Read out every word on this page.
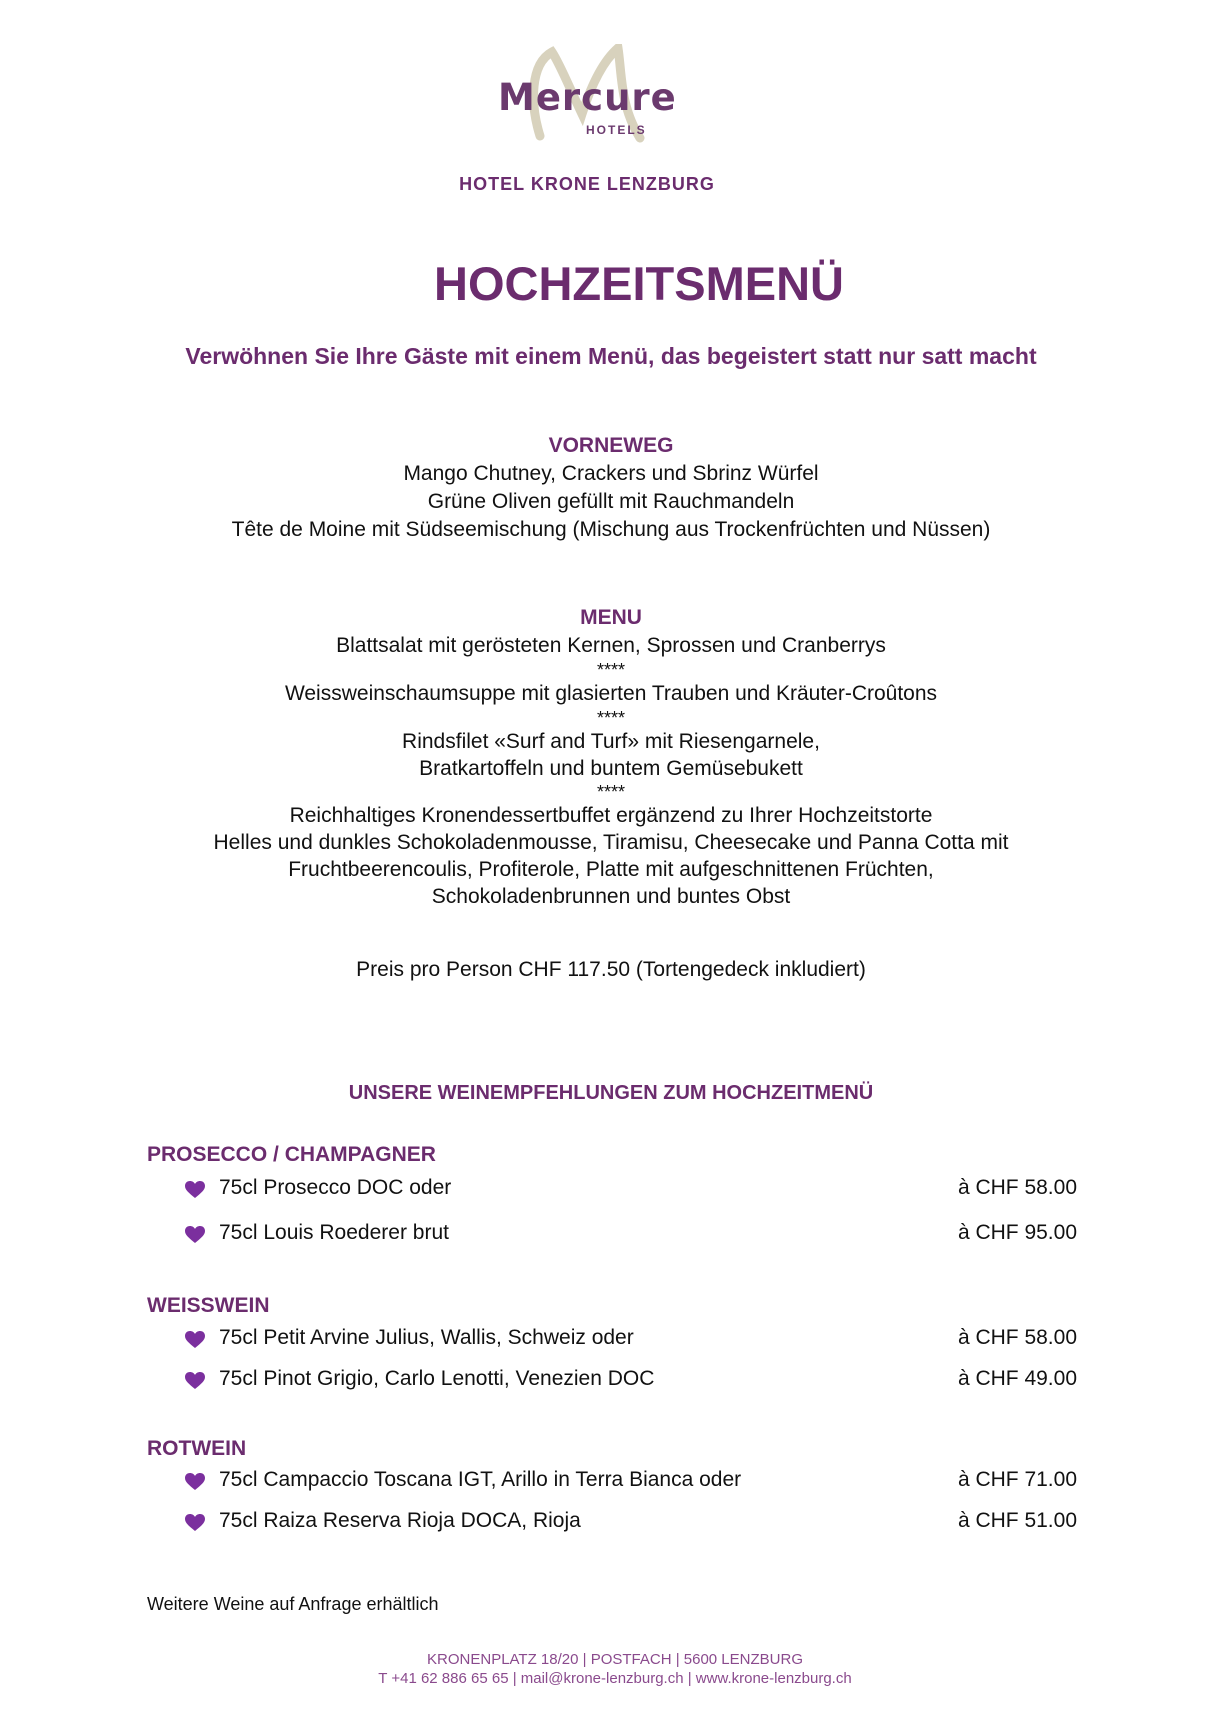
Mercure
HOTELS
HOTEL KRONE LENZBURG
HOCHZEITSMENÜ
Verwöhnen Sie Ihre Gäste mit einem Menü, das begeistert statt nur satt macht
VORNEWEG
Mango Chutney, Crackers und Sbrinz Würfel
Grüne Oliven gefüllt mit Rauchmandeln
Tête de Moine mit Südseemischung (Mischung aus Trockenfrüchten und Nüssen)
MENU
Blattsalat mit gerösteten Kernen, Sprossen und Cranberrys
****
Weissweinschaumsuppe mit glasierten Trauben und Kräuter-Croûtons
****
Rindsfilet «Surf and Turf» mit Riesengarnele,
Bratkartoffeln und buntem Gemüsebukett
****
Reichhaltiges Kronendessertbuffet ergänzend zu Ihrer Hochzeitstorte
Helles und dunkles Schokoladenmousse, Tiramisu, Cheesecake und Panna Cotta mit
Fruchtbeerencoulis, Profiterole, Platte mit aufgeschnittenen Früchten,
Schokoladenbrunnen und buntes Obst
Preis pro Person CHF 117.50 (Tortengedeck inkludiert)
UNSERE WEINEMPFEHLUNGEN ZUM HOCHZEITMENÜ
PROSECCO / CHAMPAGNER
75cl Prosecco DOC oder	à CHF 58.00
75cl Louis Roederer brut	à CHF 95.00
WEISSWEIN
75cl Petit Arvine Julius, Wallis, Schweiz oder	à CHF 58.00
75cl Pinot Grigio, Carlo Lenotti, Venezien DOC	à CHF 49.00
ROTWEIN
75cl Campaccio Toscana IGT, Arillo in Terra Bianca oder	à CHF 71.00
75cl Raiza Reserva Rioja DOCA, Rioja	à CHF 51.00
Weitere Weine auf Anfrage erhältlich
KRONENPLATZ 18/20 | POSTFACH | 5600 LENZBURG
T +41 62 886 65 65 | mail@krone-lenzburg.ch | www.krone-lenzburg.ch
